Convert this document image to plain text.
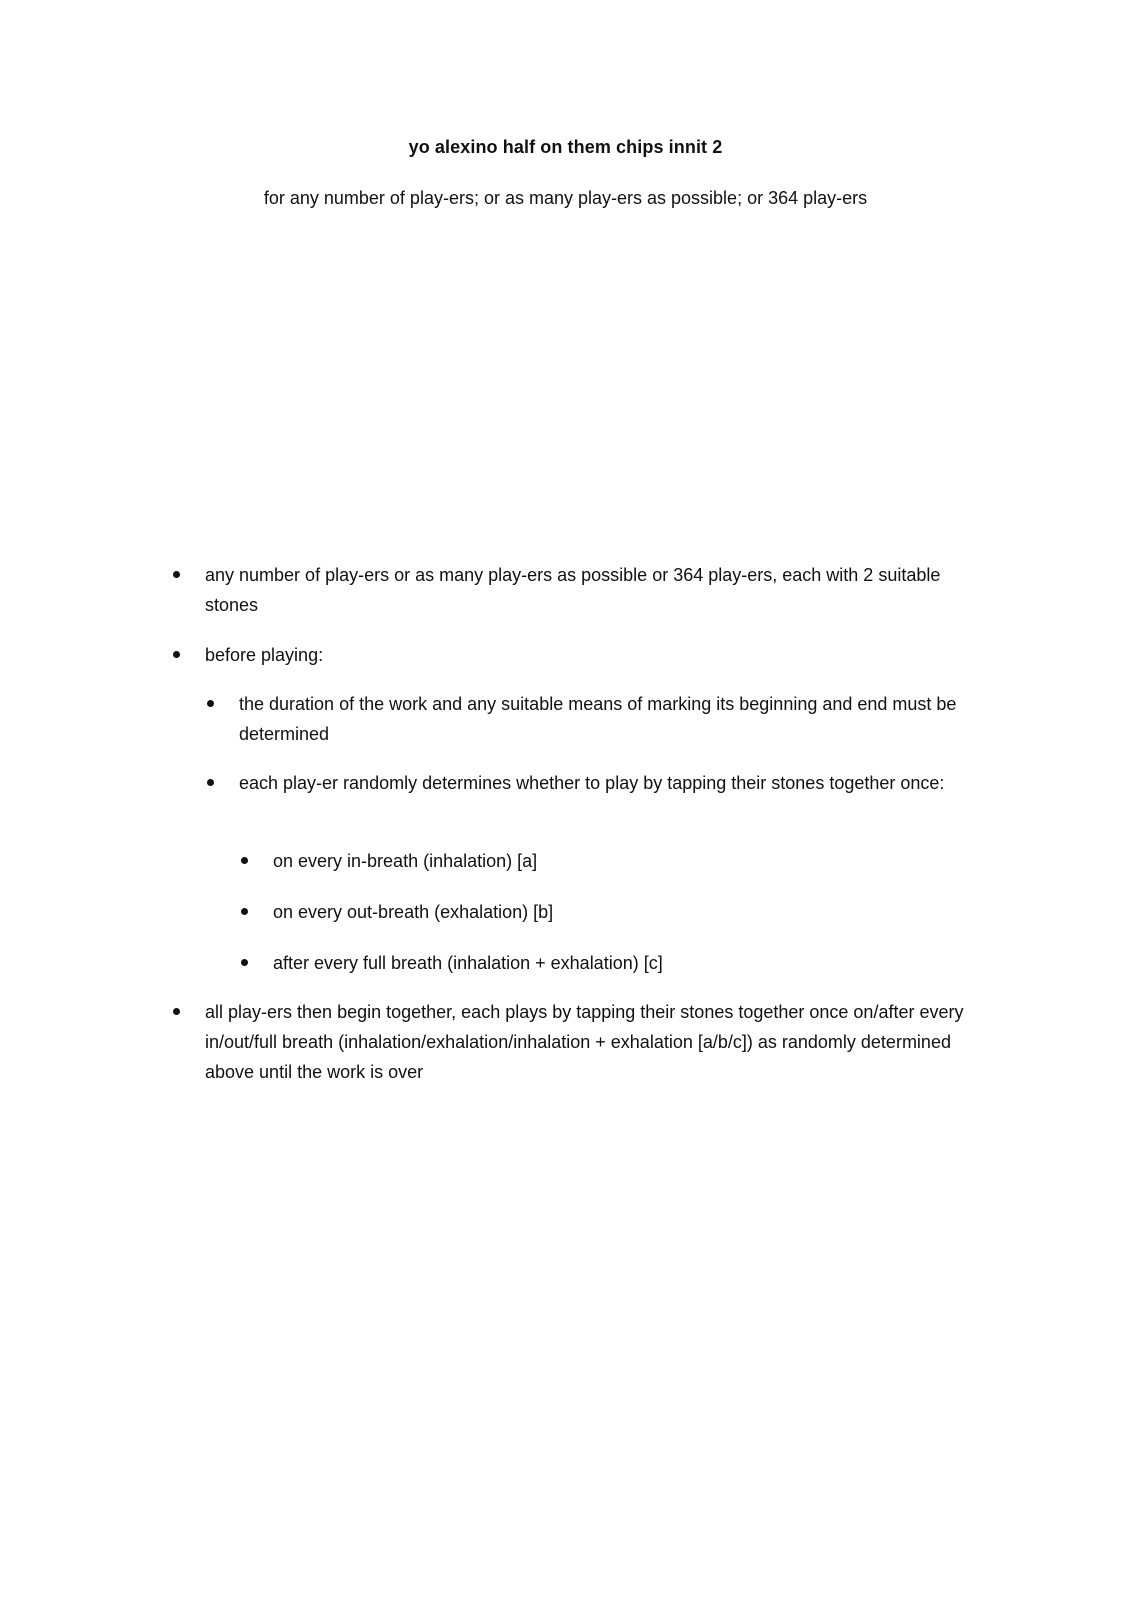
yo alexino half on them chips innit 2
for any number of play-ers; or as many play-ers as possible; or 364 play-ers
any number of play-ers or as many play-ers as possible or 364 play-ers, each with 2 suitable stones
before playing:
the duration of the work and any suitable means of marking its beginning and end must be determined
each play-er randomly determines whether to play by tapping their stones together once:
on every in-breath (inhalation) [a]
on every out-breath (exhalation) [b]
after every full breath (inhalation + exhalation) [c]
all play-ers then begin together, each plays by tapping their stones together once on/after every in/out/full breath (inhalation/exhalation/inhalation + exhalation [a/b/c]) as randomly determined above until the work is over
